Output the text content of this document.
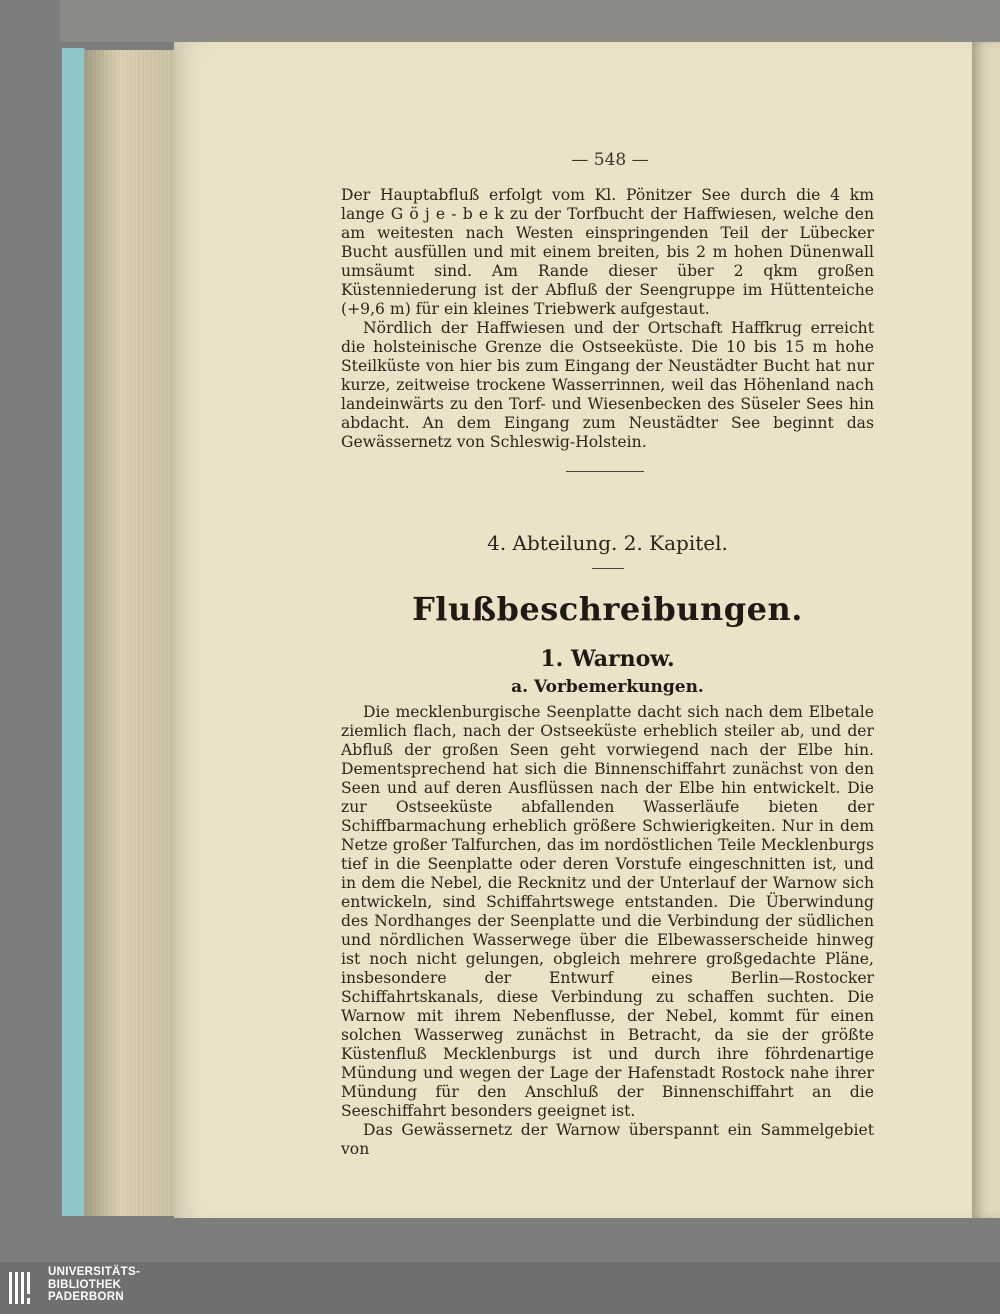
— 548 —

Der Hauptabfluß erfolgt vom Kl. Pönitzer See durch die 4 km lange G ö j e - b e k zu der Torfbucht der Haffwiesen, welche den am weitesten nach Westen einspringenden Teil der Lübecker Bucht ausfüllen und mit einem breiten, bis 2 m hohen Dünenwall umsäumt sind. Am Rande dieser über 2 qkm großen Küstenniederung ist der Abfluß der Seengruppe im Hüttenteiche (+9,6 m) für ein kleines Triebwerk aufgestaut.

Nördlich der Haffwiesen und der Ortschaft Haffkrug erreicht die holsteinische Grenze die Ostseeküste. Die 10 bis 15 m hohe Steilküste von hier bis zum Eingang der Neustädter Bucht hat nur kurze, zeitweise trockene Wasserrinnen, weil das Höhenland nach landeinwärts zu den Torf- und Wiesenbecken des Süseler Sees hin abdacht. An dem Eingang zum Neustädter See beginnt das Gewässernetz von Schleswig-Holstein.

4. Abteilung. 2. Kapitel.
Flußbeschreibungen.
1. Warnow.
a. Vorbemerkungen.

Die mecklenburgische Seenplatte dacht sich nach dem Elbetale ziemlich flach, nach der Ostseeküste erheblich steiler ab, und der Abfluß der großen Seen geht vorwiegend nach der Elbe hin. Dementsprechend hat sich die Binnenschiffahrt zunächst von den Seen und auf deren Ausflüssen nach der Elbe hin entwickelt. Die zur Ostseeküste abfallenden Wasserläufe bieten der Schiffbarmachung erheblich größere Schwierigkeiten. Nur in dem Netze großer Talfurchen, das im nordöstlichen Teile Mecklenburgs tief in die Seenplatte oder deren Vorstufe eingeschnitten ist, und in dem die Nebel, die Recknitz und der Unterlauf der Warnow sich entwickeln, sind Schiffahrtswege entstanden. Die Überwindung des Nordhanges der Seenplatte und die Verbindung der südlichen und nördlichen Wasserwege über die Elbewasserscheide hinweg ist noch nicht gelungen, obgleich mehrere großgedachte Pläne, insbesondere der Entwurf eines Berlin—Rostocker Schiffahrtskanals, diese Verbindung zu schaffen suchten. Die Warnow mit ihrem Nebenflusse, der Nebel, kommt für einen solchen Wasserweg zunächst in Betracht, da sie der größte Küstenfluß Mecklenburgs ist und durch ihre föhrdenartige Mündung und wegen der Lage der Hafenstadt Rostock nahe ihrer Mündung für den Anschluß der Binnenschiffahrt an die Seeschiffahrt besonders geeignet ist.

Das Gewässernetz der Warnow überspannt ein Sammelgebiet von

UNIVERSITÄTS-
BIBLIOTHEK
PADERBORN
